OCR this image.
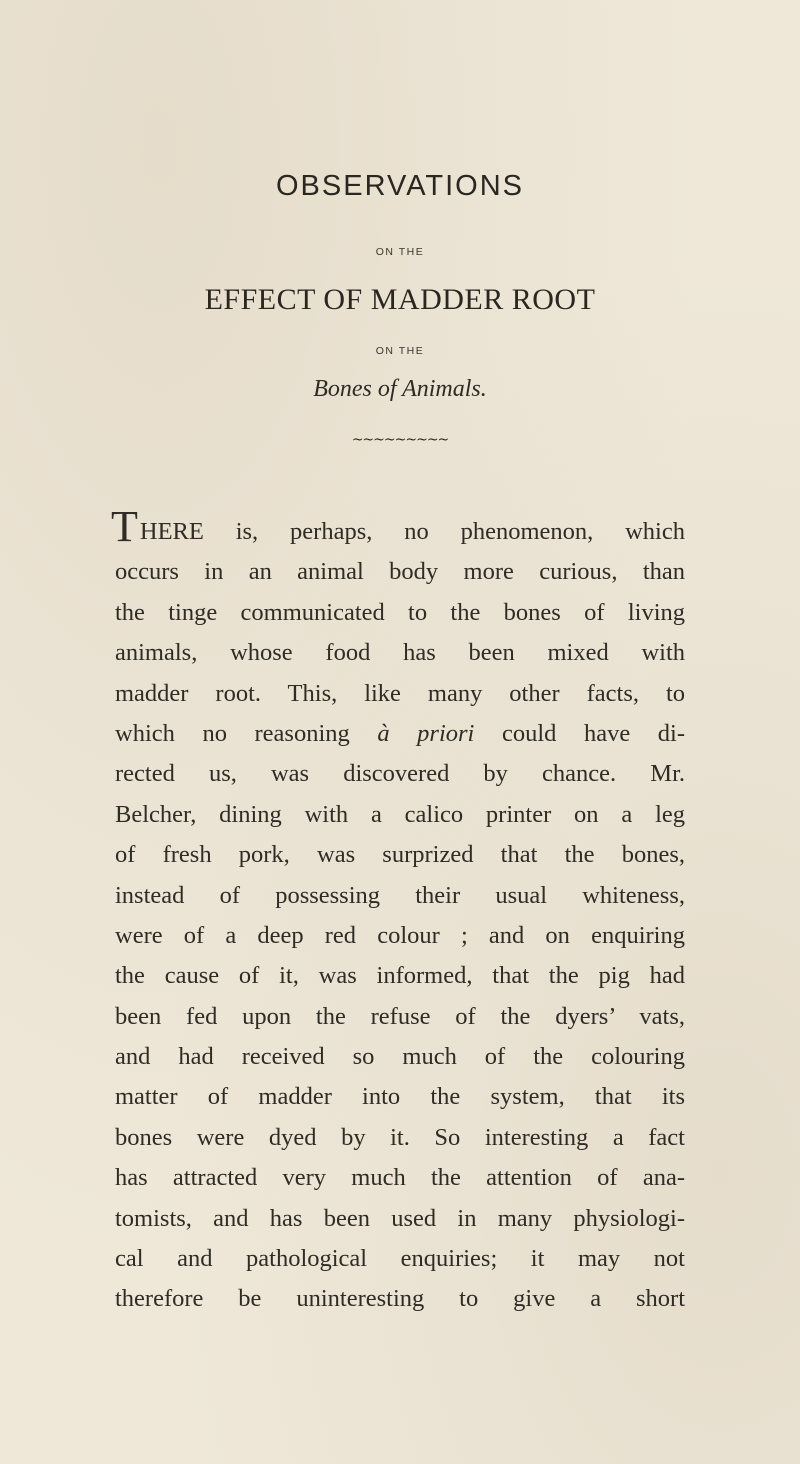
OBSERVATIONS
ON THE
EFFECT OF MADDER ROOT
ON THE
Bones of Animals.
~~~~~~~~~
THERE is, perhaps, no phenomenon, which
occurs in an animal body more curious, than
the tinge communicated to the bones of living
animals, whose food has been mixed with
madder root. This, like many other facts, to
which no reasoning à priori could have di-
rected us, was discovered by chance. Mr.
Belcher, dining with a calico printer on a leg
of fresh pork, was surprized that the bones,
instead of possessing their usual whiteness,
were of a deep red colour ; and on enquiring
the cause of it, was informed, that the pig had
been fed upon the refuse of the dyers’ vats,
and had received so much of the colouring
matter of madder into the system, that its
bones were dyed by it. So interesting a fact
has attracted very much the attention of ana-
tomists, and has been used in many physiologi-
cal and pathological enquiries; it may not
therefore be uninteresting to give a short
